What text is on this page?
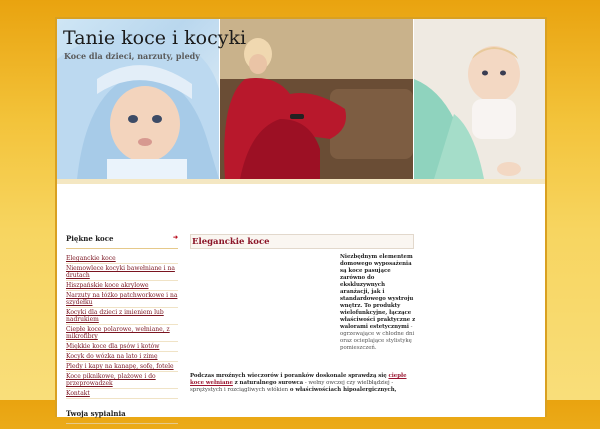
Tanie koce i kocyki
Koce dla dzieci, narzuty, pledy
Piękne koce	➜
Eleganckie koce
Niemowlece kocyki bawełniane i na drutach
Hiszpańskie koce akrylowe
Narzuty na łóżko patchworkowe i na szydełku
Kocyki dla dzieci z imieniem lub nadrukiem
Ciepłe koce polarowe, wełniane, z mikrofibry
Miękkie koce dla psów i kotów
Kocyk do wózka na lato i zimę
Pledy i kapy na kanapę, sofę, fotele
Koce piknikowe, plażowe i do przeprowadzek
Kontakt
Twoja sypialnia
Eleganckie koce
Niezbędnym elementem domowego wyposażenia są koce pasujące zarówno do ekskluzywnych aranżacji, jak i standardowego wystroju wnętrz. To produkty wielofunkcyjne, łączące właściwości praktyczne z walorami estetycznymi - ogrzewające w chłodne dni oraz ocieplające stylistykę pomieszczeń.
Podczas mroźnych wieczorów i poranków doskonale sprawdzą się ciepłe koce wełniane z naturalnego surowca - wełny owczej czy wielbłądziej - sprężystych i rozciągliwych włókien o właściwościach hipoalergicznych,
